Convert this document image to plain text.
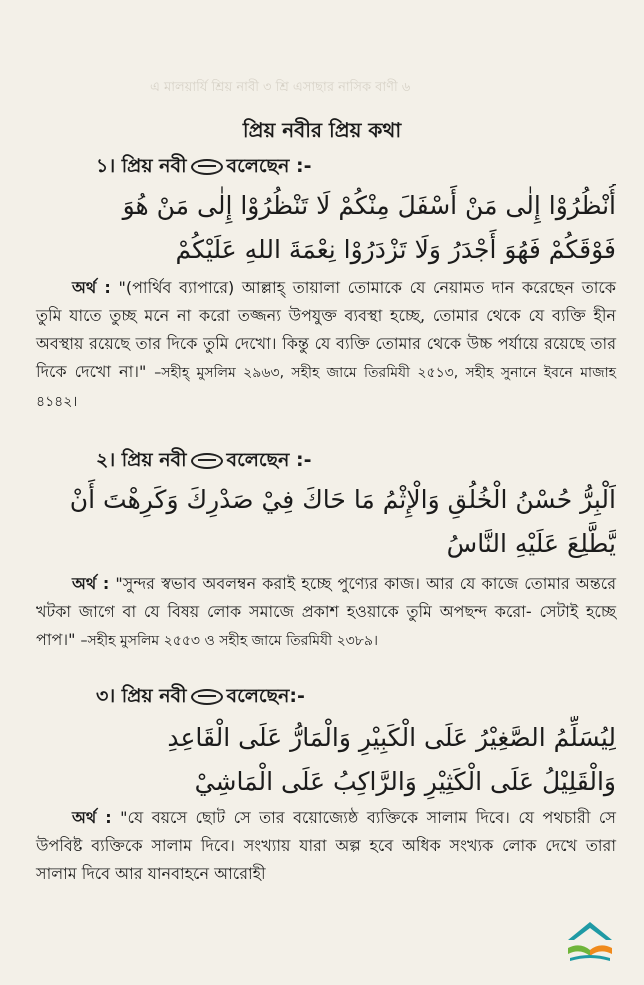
এ মালয়ার্যি শ্রিয় নাবী ৩ শ্রি এসাছার নাসিক বাণী ৬
প্রিয় নবীর প্রিয় কথা
১। প্রিয় নবী বলেছেন :-
أُنْظُرُوْا إِلٰى مَنْ أَسْفَلَ مِنْكُمْ لَا تَنْظُرُوْا إِلٰى مَنْ هُوَ
فَوْقَكُمْ فَهُوَ أَجْدَرُ وَلَا تَزْدَرُوْا نِعْمَةَ اللهِ عَلَيْكُمْ
অর্থ : "(পার্থিব ব্যাপারে) আল্লাহ্ তায়ালা তোমাকে যে নেয়ামত দান করেছেন তাকে তুমি যাতে তুচ্ছ মনে না করো তজ্জন্য উপযুক্ত ব্যবস্থা হচ্ছে, তোমার থেকে যে ব্যক্তি হীন অবস্থায় রয়েছে তার দিকে তুমি দেখো। কিন্তু যে ব্যক্তি তোমার থেকে উচ্চ পর্যায়ে রয়েছে তার দিকে দেখো না।" –সহীহ্ মুসলিম ২৯৬৩, সহীহ জামে তিরমিযী ২৫১৩, সহীহ সুনানে ইবনে মাজাহ ৪১৪২।
২। প্রিয় নবী বলেছেন :-
اَلْبِرُّ حُسْنُ الْخُلُقِ وَالْإِثْمُ مَا حَاكَ فِيْ صَدْرِكَ وَكَرِهْتَ أَنْ
يَّطَّلِعَ عَلَيْهِ النَّاسُ
অর্থ : "সুন্দর স্বভাব অবলম্বন করাই হচ্ছে পুণ্যের কাজ। আর যে কাজে তোমার অন্তরে খটকা জাগে বা যে বিষয় লোক সমাজে প্রকাশ হওয়াকে তুমি অপছন্দ করো- সেটাই হচ্ছে পাপ।" –সহীহ মুসলিম ২৫৫৩ ও সহীহ জামে তিরমিযী ২৩৮৯।
৩। প্রিয় নবী বলেছেন:-
لِيُسَلِّمُ الصَّغِيْرُ عَلَى الْكَبِيْرِ وَالْمَارُّ عَلَى الْقَاعِدِ
وَالْقَلِيْلُ عَلَى الْكَثِيْرِ وَالرَّاكِبُ عَلَى الْمَاشِيْ
অর্থ : "যে বয়সে ছোট সে তার বয়োজ্যেষ্ঠ ব্যক্তিকে সালাম দিবে। যে পথচারী সে উপবিষ্ট ব্যক্তিকে সালাম দিবে। সংখ্যায় যারা অল্প হবে অধিক সংখ্যক লোক দেখে তারা সালাম দিবে আর যানবাহনে আরোহী
